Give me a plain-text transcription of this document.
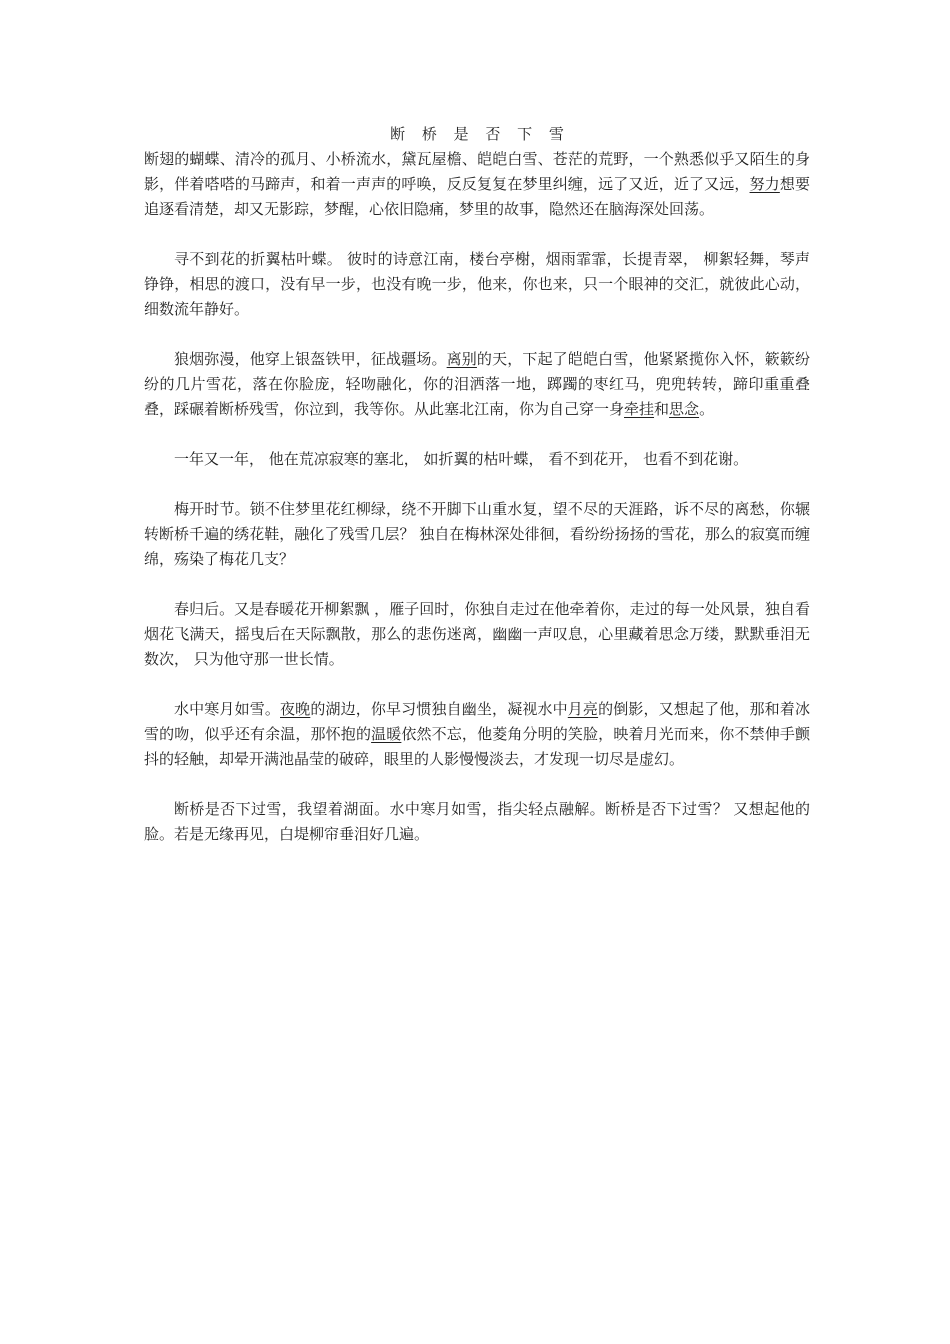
断 桥 是 否 下 雪

断翅的蝴蝶、清冷的孤月、小桥流水，黛瓦屋檐、皑皑白雪、苍茫的荒野，一个熟悉似乎又陌生的身影，伴着嗒嗒的马蹄声，和着一声声的呼唤，反反复复在梦里纠缠，远了又近，近了又远，努力想要追逐看清楚，却又无影踪，梦醒，心依旧隐痛，梦里的故事，隐然还在脑海深处回荡。

寻不到花的折翼枯叶蝶。 彼时的诗意江南，楼台亭榭，烟雨霏霏，长提青翠， 柳絮轻舞，琴声铮铮，相思的渡口，没有早一步，也没有晚一步，他来，你也来，只一个眼神的交汇，就彼此心动，细数流年静好。

狼烟弥漫，他穿上银盔铁甲，征战疆场。离别的天，下起了皑皑白雪，他紧紧揽你入怀，簌簌纷纷的几片雪花，落在你脸庞，轻吻融化，你的泪洒落一地，踯躅的枣红马，兜兜转转，蹄印重重叠叠，踩碾着断桥残雪，你泣到，我等你。从此塞北江南，你为自己穿一身牵挂和思念。

一年又一年， 他在荒凉寂寒的塞北， 如折翼的枯叶蝶， 看不到花开， 也看不到花谢。

梅开时节。锁不住梦里花红柳绿，绕不开脚下山重水复，望不尽的天涯路，诉不尽的离愁，你辗转断桥千遍的绣花鞋，融化了残雪几层？ 独自在梅林深处徘徊，看纷纷扬扬的雪花，那么的寂寞而缠绵，殇染了梅花几支？

春归后。又是春暖花开柳絮飘 ，雁子回时，你独自走过在他牵着你，走过的每一处风景，独自看烟花飞满天，摇曳后在天际飘散，那么的悲伤迷离，幽幽一声叹息，心里藏着思念万缕，默默垂泪无数次， 只为他守那一世长情。

水中寒月如雪。夜晚的湖边，你早习惯独自幽坐，凝视水中月亮的倒影，又想起了他，那和着冰雪的吻，似乎还有余温，那怀抱的温暖依然不忘，他菱角分明的笑脸，映着月光而来，你不禁伸手颤抖的轻触，却晕开满池晶莹的破碎，眼里的人影慢慢淡去，才发现一切尽是虚幻。

断桥是否下过雪，我望着湖面。水中寒月如雪，指尖轻点融解。断桥是否下过雪？ 又想起他的脸。若是无缘再见，白堤柳帘垂泪好几遍。
